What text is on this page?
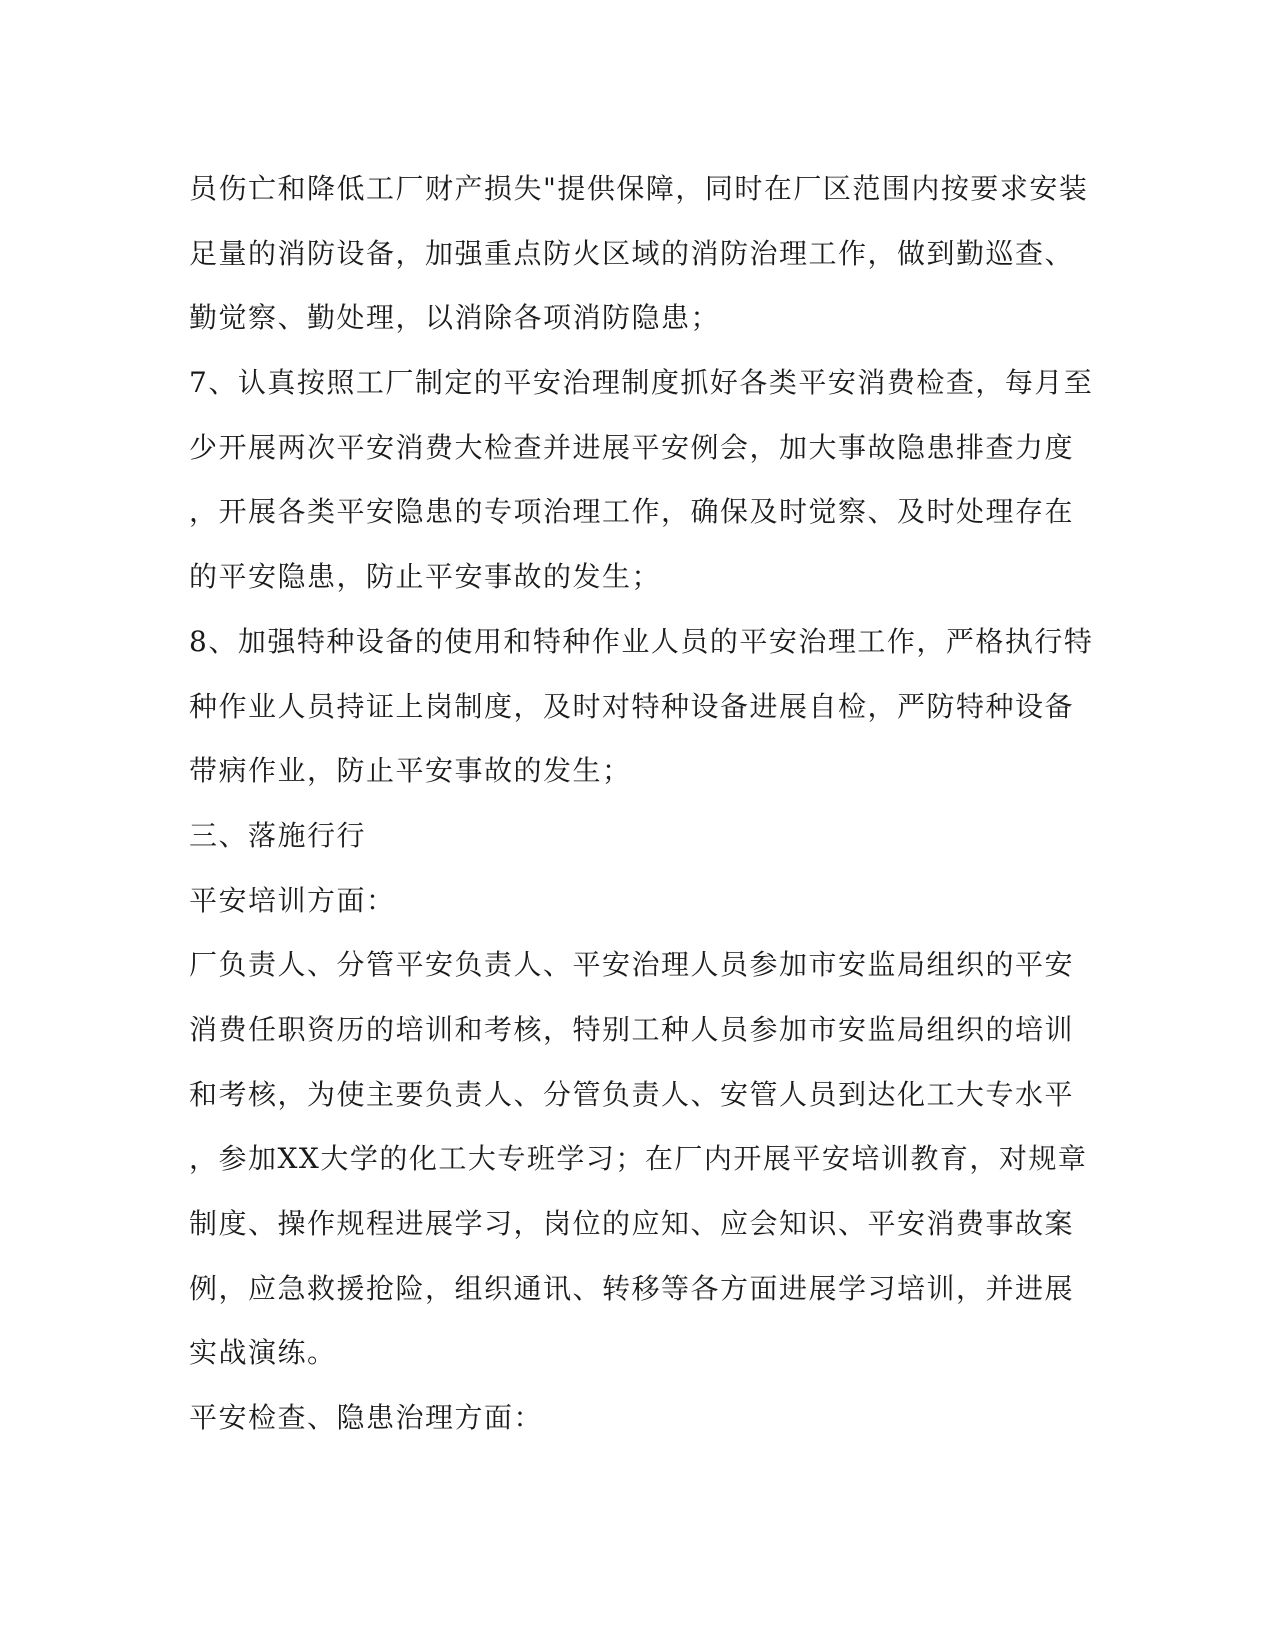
员伤亡和降低工厂财产损失"提供保障，同时在厂区范围内按要求安装
足量的消防设备，加强重点防火区域的消防治理工作，做到勤巡查、
勤觉察、勤处理，以消除各项消防隐患；
7、认真按照工厂制定的平安治理制度抓好各类平安消费检查，每月至
少开展两次平安消费大检查并进展平安例会，加大事故隐患排查力度
，开展各类平安隐患的专项治理工作，确保及时觉察、及时处理存在
的平安隐患，防止平安事故的发生；
8、加强特种设备的使用和特种作业人员的平安治理工作，严格执行特
种作业人员持证上岗制度，及时对特种设备进展自检，严防特种设备
带病作业，防止平安事故的发生；
三、落施行行
平安培训方面：
厂负责人、分管平安负责人、平安治理人员参加市安监局组织的平安
消费任职资历的培训和考核，特别工种人员参加市安监局组织的培训
和考核，为使主要负责人、分管负责人、安管人员到达化工大专水平
，参加XX大学的化工大专班学习；在厂内开展平安培训教育，对规章
制度、操作规程进展学习，岗位的应知、应会知识、平安消费事故案
例，应急救援抢险，组织通讯、转移等各方面进展学习培训，并进展
实战演练。
平安检查、隐患治理方面：
